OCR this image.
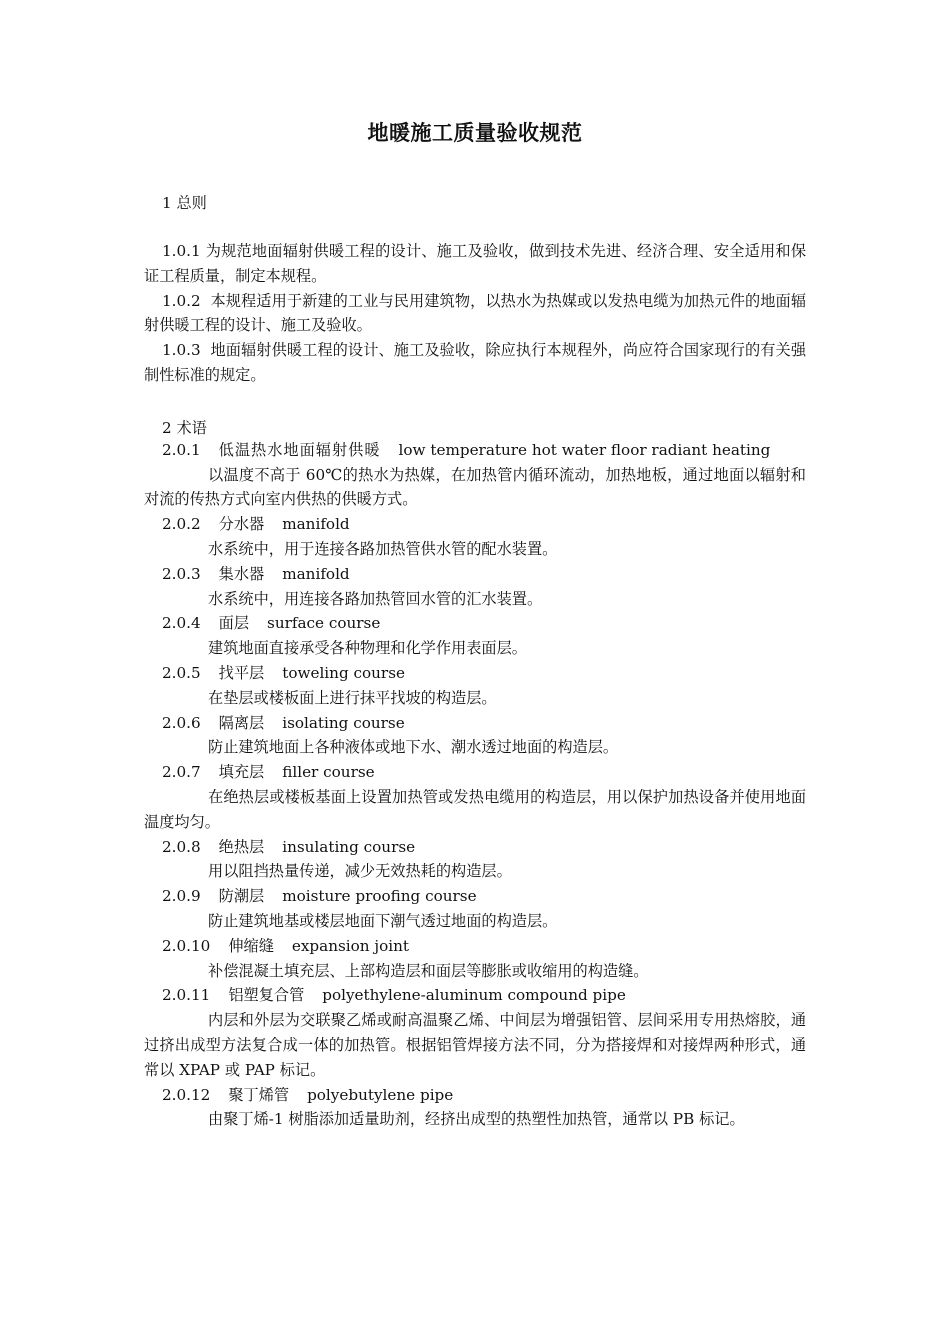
地暖施工质量验收规范
1 总则

1.0.1 为规范地面辐射供暖工程的设计、施工及验收，做到技术先进、经济合理、安全适用和保证工程质量，制定本规程。

1.0.2 本规程适用于新建的工业与民用建筑物，以热水为热媒或以发热电缆为加热元件的地面辐射供暖工程的设计、施工及验收。

1.0.3 地面辐射供暖工程的设计、施工及验收，除应执行本规程外，尚应符合国家现行的有关强制性标准的规定。

2.0.1 低温热水地面辐射供暖 low temperature hot water floor radiant heating

以温度不高于 60℃的热水为热媒，在加热管内循环流动，加热地板，通过地面以辐射和对流的传热方式向室内供热的供暖方式。

2.0.2 分水器 manifold

水系统中，用于连接各路加热管供水管的配水装置。

2.0.3 集水器 manifold

水系统中，用连接各路加热管回水管的汇水装置。

2.0.4 面层 surface course

建筑地面直接承受各种物理和化学作用表面层。

2.0.5 找平层 toweling course

在垫层或楼板面上进行抹平找坡的构造层。

2.0.6 隔离层 isolating course

防止建筑地面上各种液体或地下水、潮水透过地面的构造层。

2.0.7 填充层 filler course

在绝热层或楼板基面上设置加热管或发热电缆用的构造层，用以保护加热设备并使用地面温度均匀。

2.0.8 绝热层 insulating course

用以阻挡热量传递，减少无效热耗的构造层。

2.0.9 防潮层 moisture proofing course

防止建筑地基或楼层地面下潮气透过地面的构造层。

2.0.10 伸缩缝 expansion joint

补偿混凝土填充层、上部构造层和面层等膨胀或收缩用的构造缝。

2.0.11 铝塑复合管 polyethylene-aluminum compound pipe

内层和外层为交联聚乙烯或耐高温聚乙烯、中间层为增强铝管、层间采用专用热熔胶，通过挤出成型方法复合成一体的加热管。根据铝管焊接方法不同，分为搭接焊和对接焊两种形式，通常以 XPAP 或 PAP 标记。

2.0.12 聚丁烯管 polyebutylene pipe

由聚丁烯-1 树脂添加适量助剂，经挤出成型的热塑性加热管，通常以 PB 标记。

2 术语
